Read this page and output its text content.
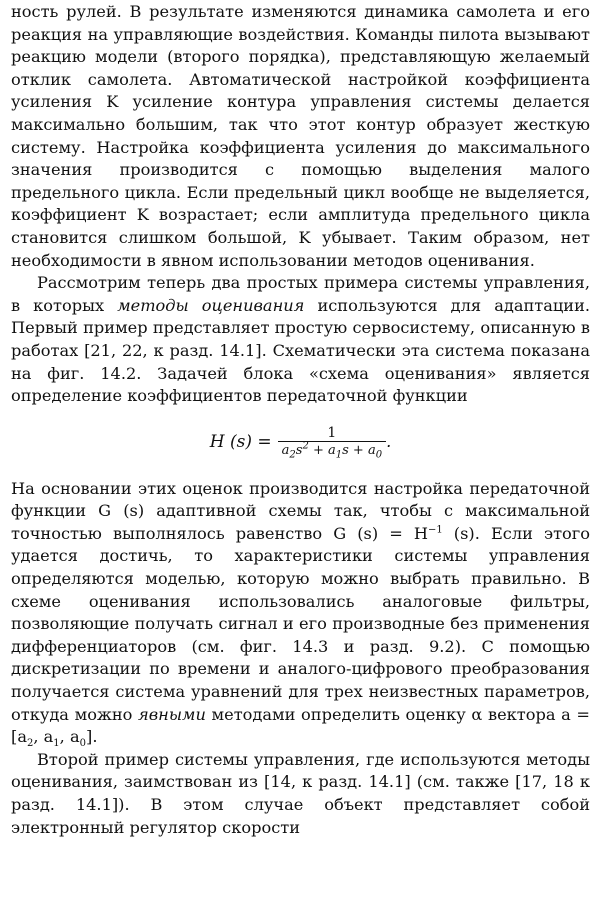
ность рулей. В результате изменяются динамика самолета и его реакция на управляющие воздействия. Команды пилота вызывают реакцию модели (второго порядка), представляющую желаемый отклик самолета. Автоматической настройкой коэффициента усиления K усиление контура управления системы делается максимально большим, так что этот контур образует жесткую систему. Настройка коэффициента усиления до максимального значения производится с помощью выделения малого предельного цикла. Если предельный цикл вообще не выделяется, коэффициент K возрастает; если амплитуда предельного цикла становится слишком большой, K убывает. Таким образом, нет необходимости в явном использовании методов оценивания.

Рассмотрим теперь два простых примера системы управления, в которых методы оценивания используются для адаптации. Первый пример представляет простую сервосистему, описанную в работах [21, 22, к разд. 14.1]. Схематически эта система показана на фиг. 14.2. Задачей блока «схема оценивания» является определение коэффициентов передаточной функции

H $(s) = \frac{1}{a_2s^2 + a_1s + a_0}$ .

На основании этих оценок производится настройка передаточной функции G (s) адаптивной схемы так, чтобы с максимальной точностью выполнялось равенство G $(s) = H^{-1}$ (s). Если этого удается достичь, то характеристики системы управления определяются моделью, которую можно выбрать правильно. В схеме оценивания использовались аналоговые фильтры, позволяющие получать сигнал и его производные без применения дифференциаторов (см. фиг. 14.3 и разд. 9.2). С помощью дискретизации по времени и аналого-цифрового преобразования получается система уравнений для трех неизвестных параметров, откуда можно явными методами определить оценку α вектора $a = [a_2$, $a_1$, $a_0$].

Второй пример системы управления, где используются методы оценивания, заимствован из [14, к разд. 14.1] (см. также [17, 18 к разд. 14.1]). В этом случае объект представляет собой электронный регулятор скорости
